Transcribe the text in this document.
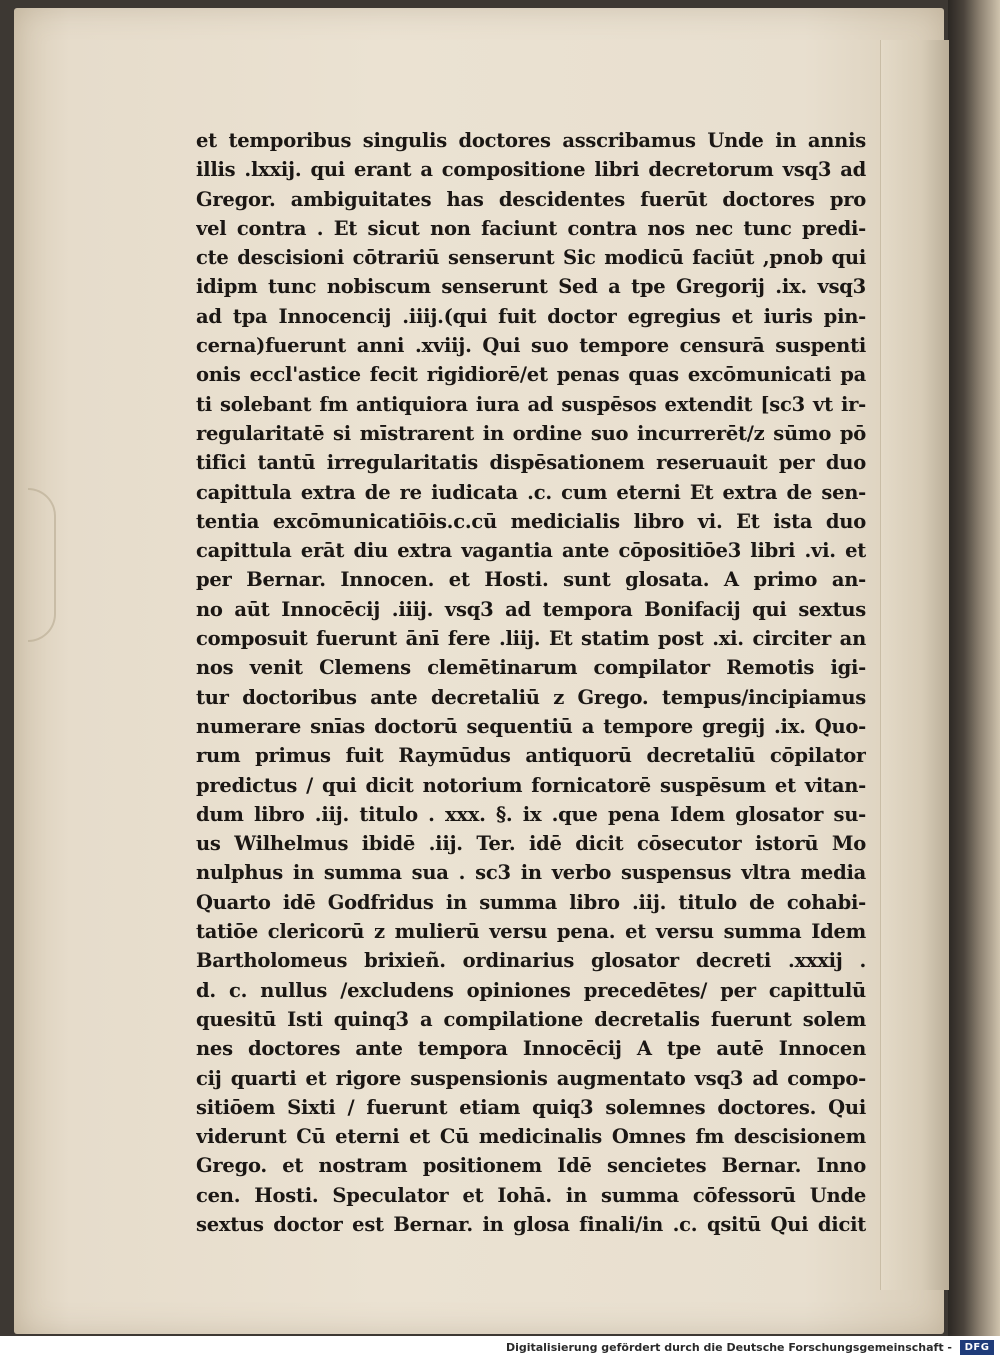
et temporibus singulis doctores asscribamus Unde in annis
illis .lxxij. qui erant a compositione libri decretorum vsq3 ad
Gregor. ambiguitates has descidentes fuerūt doctores pro
vel contra . Et sicut non faciunt contra nos nec tunc predi-
cte descisioni cōtrariū senserunt Sic modicū faciūt ,pnob qui
idipm tunc nobiscum senserunt Sed a tpe Gregorij .ix. vsq3
ad tpa Innocencij .iiij.(qui fuit doctor egregius et iuris pin-
cerna)fuerunt anni .xviij. Qui suo tempore censurā suspenti
onis eccl'astice fecit rigidiorē/et penas quas excōmunicati pa
ti solebant fm antiquiora iura ad suspēsos extendit [sc3 vt ir-
regularitatē si mīstrarent in ordine suo incurrerēt/z sūmo pō
tifici tantū irregularitatis dispēsationem reseruauit per duo
capittula extra de re iudicata .c. cum eterni Et extra de sen-
tentia excōmunicatiōis.c.cū medicialis libro vi. Et ista duo
capittula erāt diu extra vagantia ante cōpositiōe3 libri .vi. et
per Bernar. Innocen. et Hosti. sunt glosata. A primo an-
no aūt Innocēcij .iiij. vsq3 ad tempora Bonifacij qui sextus
composuit fuerunt ānī fere .liij. Et statim post .xi. circiter an
nos venit Clemens clemētinarum compilator Remotis igi-
tur doctoribus ante decretaliū z Grego. tempus/incipiamus
numerare snīas doctorū sequentiū a tempore gregij .ix. Quo-
rum primus fuit Raymūdus antiquorū decretaliū cōpilator
predictus / qui dicit notorium fornicatorē suspēsum et vitan-
dum libro .iij. titulo . xxx. §. ix .que pena Idem glosator su-
us Wilhelmus ibidē .iij. Ter. idē dicit cōsecutor istorū Mo
nulphus in summa sua . sc3 in verbo suspensus vltra media
Quarto idē Godfridus in summa libro .iij. titulo de cohabi-
tatiōe clericorū z mulierū versu pena. et versu summa Idem
Bartholomeus brixieñ. ordinarius glosator decreti .xxxij .
d. c. nullus /excludens opiniones precedētes/ per capittulū
quesitū Isti quinq3 a compilatione decretalis fuerunt solem
nes doctores ante tempora Innocēcij A tpe autē Innocen
cij quarti et rigore suspensionis augmentato vsq3 ad compo-
sitiōem Sixti / fuerunt etiam quiq3 solemnes doctores. Qui
viderunt Cū eterni et Cū medicinalis Omnes fm descisionem
Grego. et nostram positionem Idē sencietes Bernar. Inno
cen. Hosti. Speculator et Iohā. in summa cōfessorū Unde
sextus doctor est Bernar. in glosa finali/in .c. qsitū Qui dicit
Digitalisierung gefördert durch die Deutsche Forschungsgemeinschaft -	DFG
